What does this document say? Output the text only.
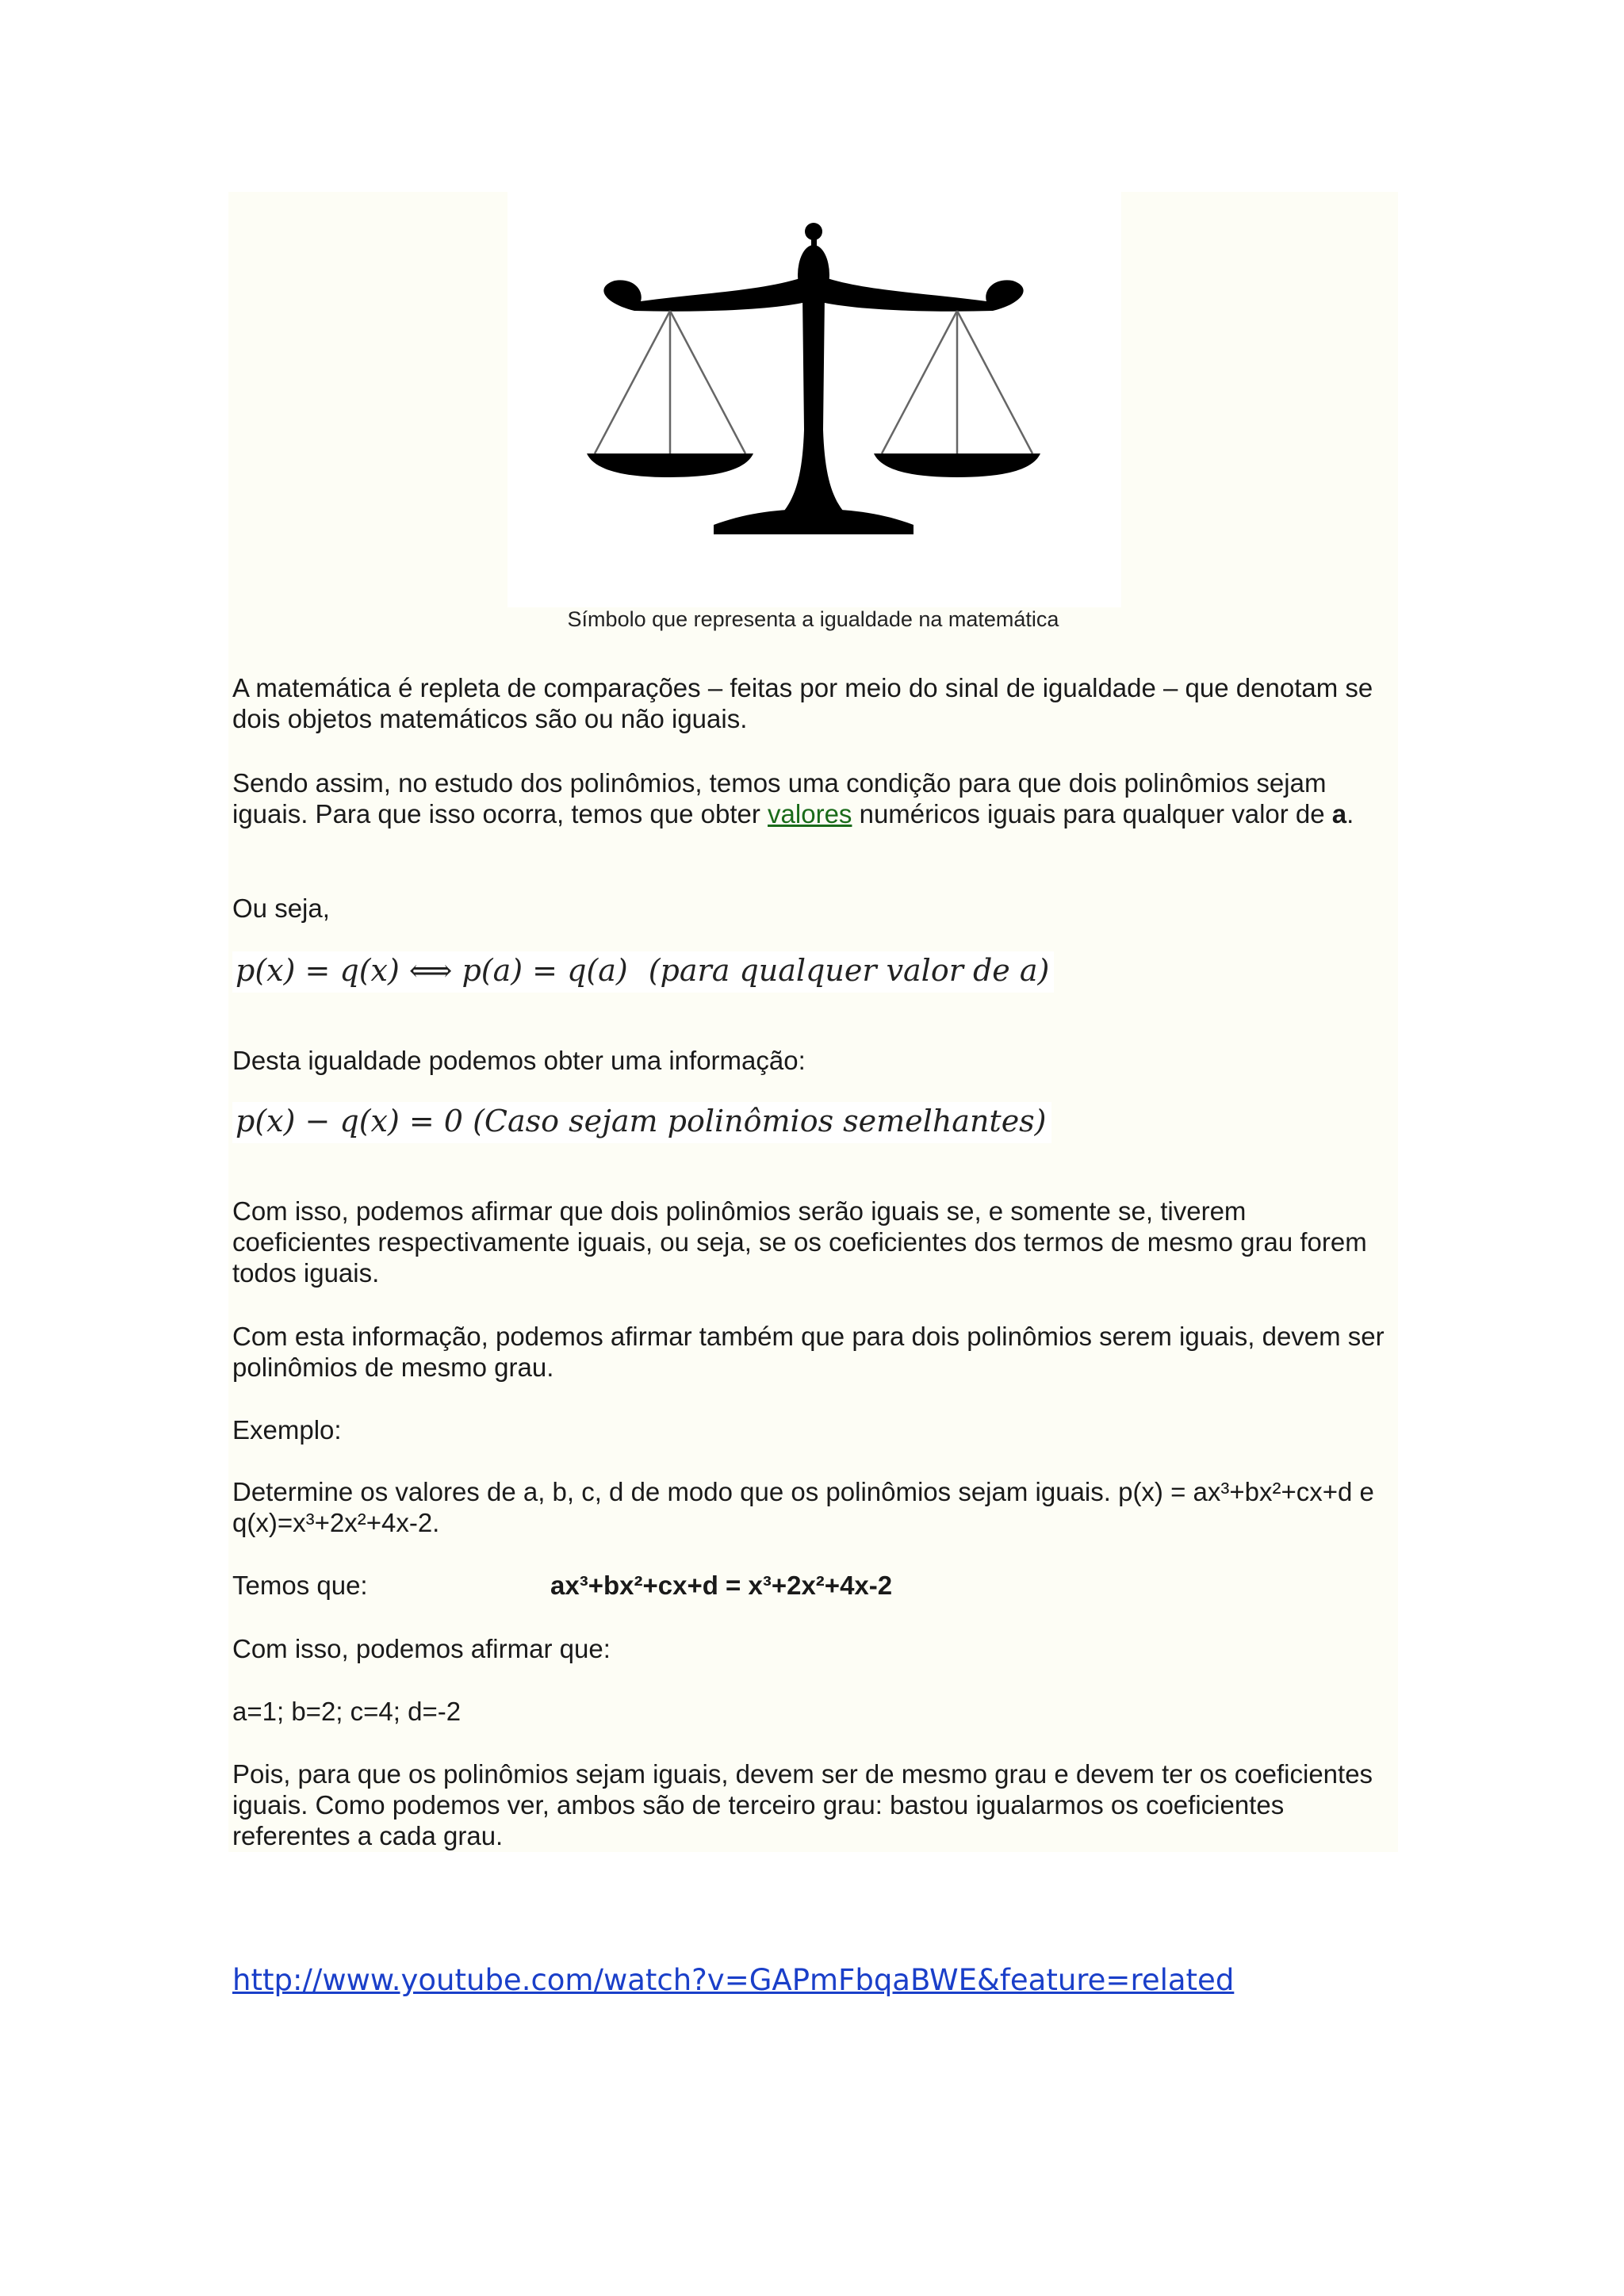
Símbolo que representa a igualdade na matemática

A matemática é repleta de comparações – feitas por meio do sinal de igualdade – que denotam se dois objetos matemáticos são ou não iguais.

Sendo assim, no estudo dos polinômios, temos uma condição para que dois polinômios sejam iguais. Para que isso ocorra, temos que obter valores numéricos iguais para qualquer valor de a.

Ou seja,

p(x) = q(x) ⟺ p(a) = q(a) (para qualquer valor de a)

Desta igualdade podemos obter uma informação:

p(x) − q(x) = 0 (Caso sejam polinômios semelhantes)

Com isso, podemos afirmar que dois polinômios serão iguais se, e somente se, tiverem coeficientes respectivamente iguais, ou seja, se os coeficientes dos termos de mesmo grau forem todos iguais.

Com esta informação, podemos afirmar também que para dois polinômios serem iguais, devem ser polinômios de mesmo grau.

Exemplo:

Determine os valores de a, b, c, d de modo que os polinômios sejam iguais. p(x) = ax³+bx²+cx+d e q(x)=x³+2x²+4x-2.

Temos que:	ax³+bx²+cx+d = x³+2x²+4x-2

Com isso, podemos afirmar que:

a=1; b=2; c=4; d=-2

Pois, para que os polinômios sejam iguais, devem ser de mesmo grau e devem ter os coeficientes iguais. Como podemos ver, ambos são de terceiro grau: bastou igualarmos os coeficientes referentes a cada grau.

http://www.youtube.com/watch?v=GAPmFbqaBWE&feature=related
